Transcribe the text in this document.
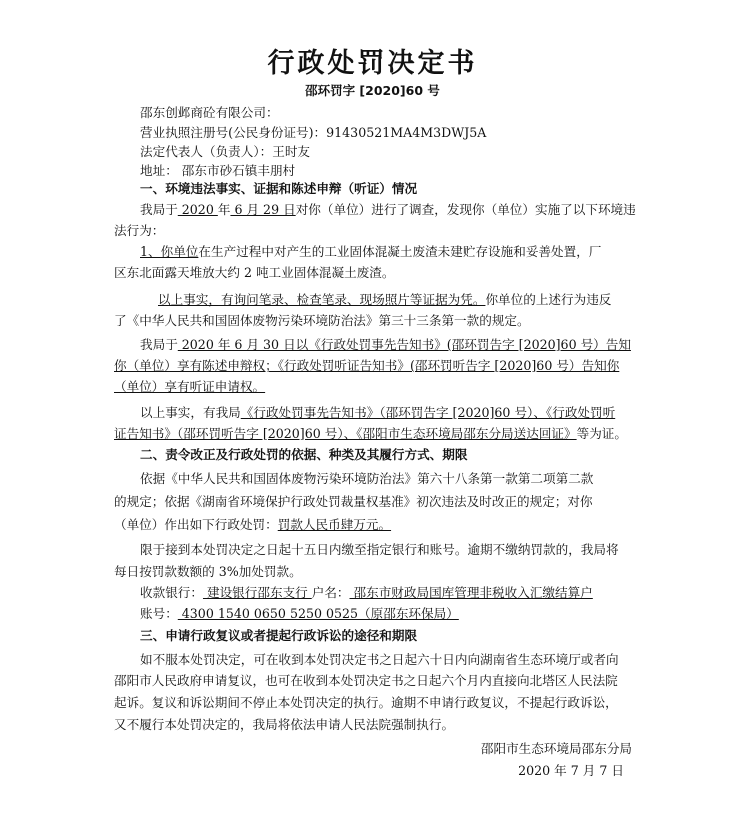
行政处罚决定书
邵环罚字 [2020]60 号
邵东创邺商砼有限公司：
营业执照注册号(公民身份证号)：91430521MA4M3DWJ5A
法定代表人（负责人）：王时友
地址： 邵东市砂石镇丰朋村
一、环境违法事实、证据和陈述申辩（听证）情况
我局于 2020 年 6 月 29 日对你（单位）进行了调查，发现你（单位）实施了以下环境违
法行为：
1、你单位在生产过程中对产生的工业固体混凝土废渣未建贮存设施和妥善处置，厂
区东北面露天堆放大约 2 吨工业固体混凝土废渣。
以上事实，有询问笔录、检查笔录、现场照片等证据为凭。你单位的上述行为违反
了《中华人民共和国固体废物污染环境防治法》第三十三条第一款的规定。
我局于 2020 年 6 月 30 日以《行政处罚事先告知书》(邵环罚告字 [2020]60 号）告知
你（单位）享有陈述申辩权；《行政处罚听证告知书》(邵环罚听告字 [2020]60 号）告知你
（单位）享有听证申请权。
以上事实，有我局《行政处罚事先告知书》（邵环罚告字 [2020]60 号）、《行政处罚听
证告知书》（邵环罚听告字 [2020]60 号）、《邵阳市生态环境局邵东分局送达回证》等为证。
二、责令改正及行政处罚的依据、种类及其履行方式、期限
依据《中华人民共和国固体废物污染环境防治法》第六十八条第一款第二项第二款
的规定；依据《湖南省环境保护行政处罚裁量权基准》初次违法及时改正的规定；对你
（单位）作出如下行政处罚：罚款人民币肆万元。
限于接到本处罚决定之日起十五日内缴至指定银行和账号。逾期不缴纳罚款的，我局将
每日按罚款数额的 3%加处罚款。
收款银行： 建设银行邵东支行 户名： 邵东市财政局国库管理非税收入汇缴结算户
账号： 4300 1540 0650 5250 0525（原邵东环保局）
三、申请行政复议或者提起行政诉讼的途径和期限
如不服本处罚决定，可在收到本处罚决定书之日起六十日内向湖南省生态环境厅或者向
邵阳市人民政府申请复议，也可在收到本处罚决定书之日起六个月内直接向北塔区人民法院
起诉。复议和诉讼期间不停止本处罚决定的执行。逾期不申请行政复议，不提起行政诉讼，
又不履行本处罚决定的，我局将依法申请人民法院强制执行。
邵阳市生态环境局邵东分局
2020 年 7 月 7 日
